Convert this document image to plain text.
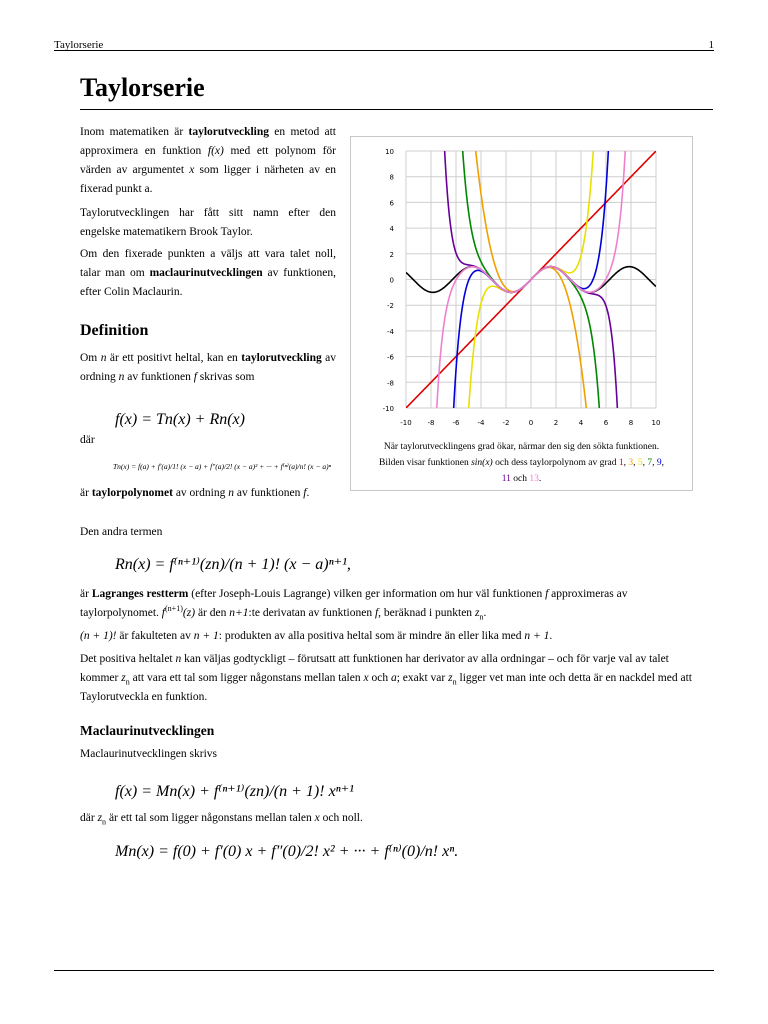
Taylorserie	1
Taylorserie

Inom matematiken är taylorutveckling en metod att approximera en funktion f(x) med ett polynom för värden av argumentet x som ligger i närheten av en fixerad punkt a.

Taylorutvecklingen har fått sitt namn efter den engelske matematikern Brook Taylor.

Om den fixerade punkten a väljs att vara talet noll, talar man om maclaurinutvecklingen av funktionen, efter Colin Maclaurin.

Definition

Om n är ett positivt heltal, kan en taylorutveckling av ordning n av funktionen f skrivas som

f(x) = Tn(x) + Rn(x)

där

Tn(x) = f(a) + f′(a)/1! (x − a) + f″(a)/2! (x − a)² + ··· + f⁽ⁿ⁾(a)/n! (x − a)ⁿ

är taylorpolynomet av ordning n av funktionen f.

Den andra termen

Rn(x) = f⁽ⁿ⁺¹⁾(zn)/(n + 1)! (x − a)ⁿ⁺¹,

är Lagranges restterm (efter Joseph-Louis Lagrange) vilken ger information om hur väl funktionen f approximeras av taylorpolynomet. $f^{(n+1)}(z)$ är den n+1:te derivatan av funktionen f, beräknad i punkten $z_n$.

(n + 1)! är fakulteten av n + 1: produkten av alla positiva heltal som är mindre än eller lika med n + 1.

Det positiva heltalet n kan väljas godtyckligt – förutsatt att funktionen har derivator av alla ordningar – och för varje val av talet kommer $z_n$ att vara ett tal som ligger någonstans mellan talen x och a; exakt var $z_n$ ligger vet man inte och detta är en nackdel med att Taylorutveckla en funktion.

Maclaurinutvecklingen

Maclaurinutvecklingen skrivs

f(x) = Mn(x) + f⁽ⁿ⁺¹⁾(zn)/(n + 1)! xⁿ⁺¹

där $z_n$ är ett tal som ligger någonstans mellan talen x och noll.

Mn(x) = f(0) + f′(0) x + f″(0)/2! x² + ··· + f⁽ⁿ⁾(0)/n! xⁿ.
-10 -8	-6	-4	-2	0	2	4	6	8	10
10
8
6
4
2
0
-2
-4
-6
-8
-10
När taylorutvecklingens grad ökar, närmar den sig den sökta funktionen.
Bilden visar funktionen sin(x) och dess taylorpolynom av grad 1, 3, 5, 7, 9,
11 och 13.
